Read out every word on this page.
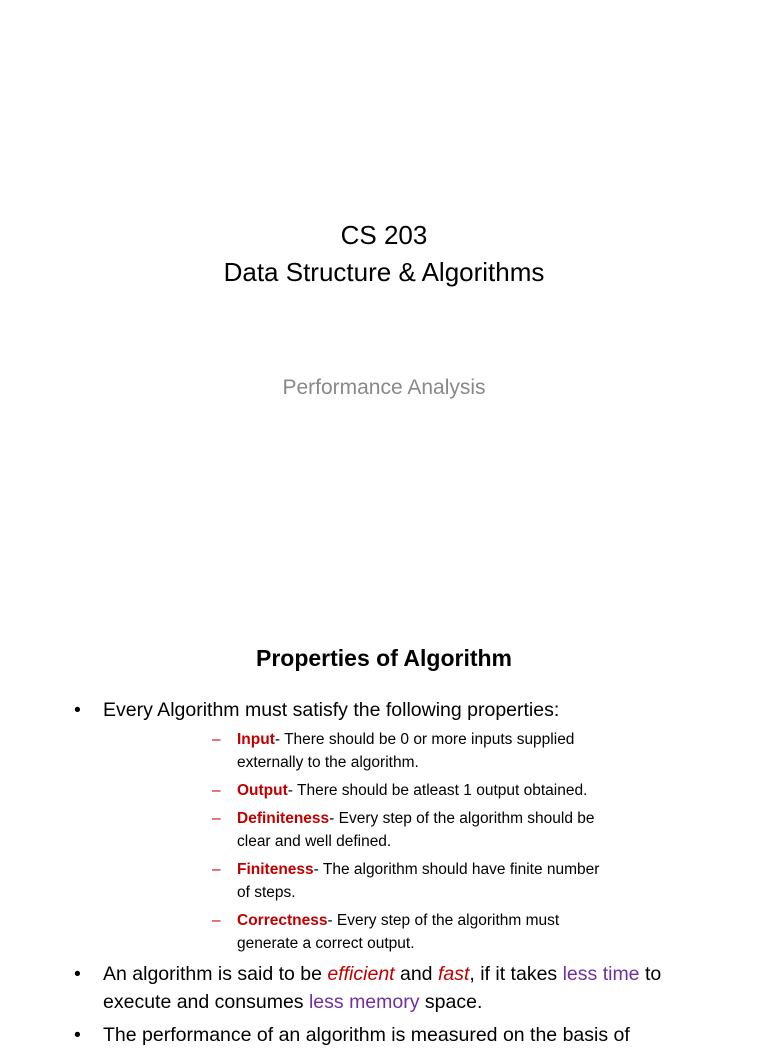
CS 203
Data Structure & Algorithms
Performance Analysis
Properties of Algorithm
• Every Algorithm must satisfy the following properties:
– Input- There should be 0 or more inputs supplied externally to the algorithm.
– Output- There should be atleast 1 output obtained.
– Definiteness- Every step of the algorithm should be clear and well defined.
– Finiteness- The algorithm should have finite number of steps.
– Correctness- Every step of the algorithm must generate a correct output.
• An algorithm is said to be efficient and fast, if it takes less time to execute and consumes less memory space.
• The performance of an algorithm is measured on the basis of
